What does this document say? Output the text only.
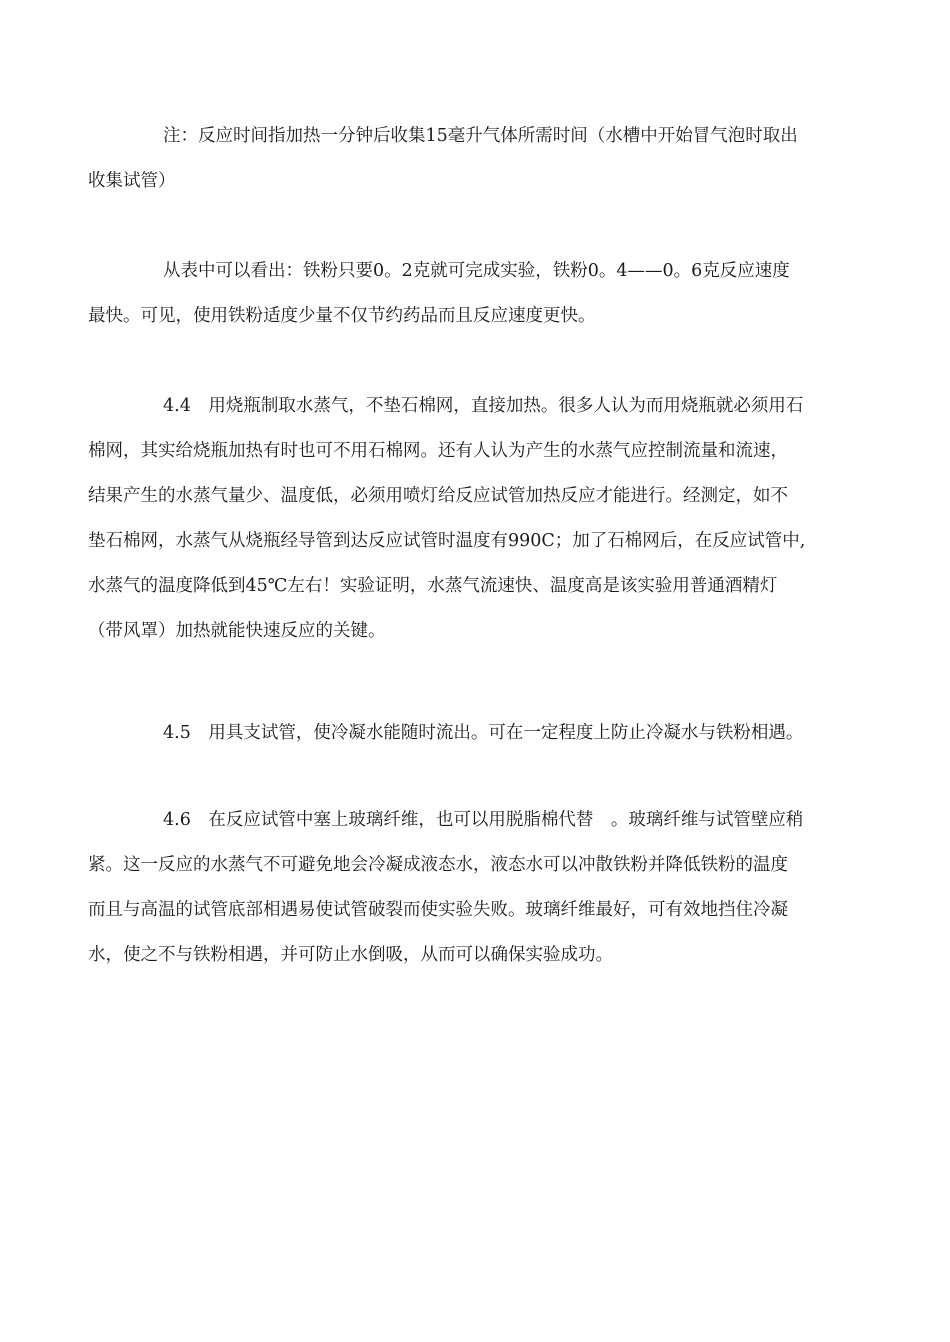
注：反应时间指加热一分钟后收集15毫升气体所需时间（水槽中开始冒气泡时取出
收集试管）

从表中可以看出：铁粉只要0。2克就可完成实验，铁粉0。4——0。6克反应速度
最快。可见，使用铁粉适度少量不仅节约药品而且反应速度更快。

4.4　用烧瓶制取水蒸气，不垫石棉网，直接加热。很多人认为而用烧瓶就必须用石
棉网，其实给烧瓶加热有时也可不用石棉网。还有人认为产生的水蒸气应控制流量和流速，
结果产生的水蒸气量少、温度低，必须用喷灯给反应试管加热反应才能进行。经测定，如不
垫石棉网，水蒸气从烧瓶经导管到达反应试管时温度有990C；加了石棉网后，在反应试管中,
水蒸气的温度降低到45℃左右！实验证明，水蒸气流速快、温度高是该实验用普通酒精灯
（带风罩）加热就能快速反应的关键。

4.5　用具支试管，使冷凝水能随时流出。可在一定程度上防止冷凝水与铁粉相遇。

4.6　在反应试管中塞上玻璃纤维，也可以用脱脂棉代替　。玻璃纤维与试管壁应稍
紧。这一反应的水蒸气不可避免地会冷凝成液态水，液态水可以冲散铁粉并降低铁粉的温度
而且与高温的试管底部相遇易使试管破裂而使实验失败。玻璃纤维最好，可有效地挡住冷凝
水，使之不与铁粉相遇，并可防止水倒吸，从而可以确保实验成功。
